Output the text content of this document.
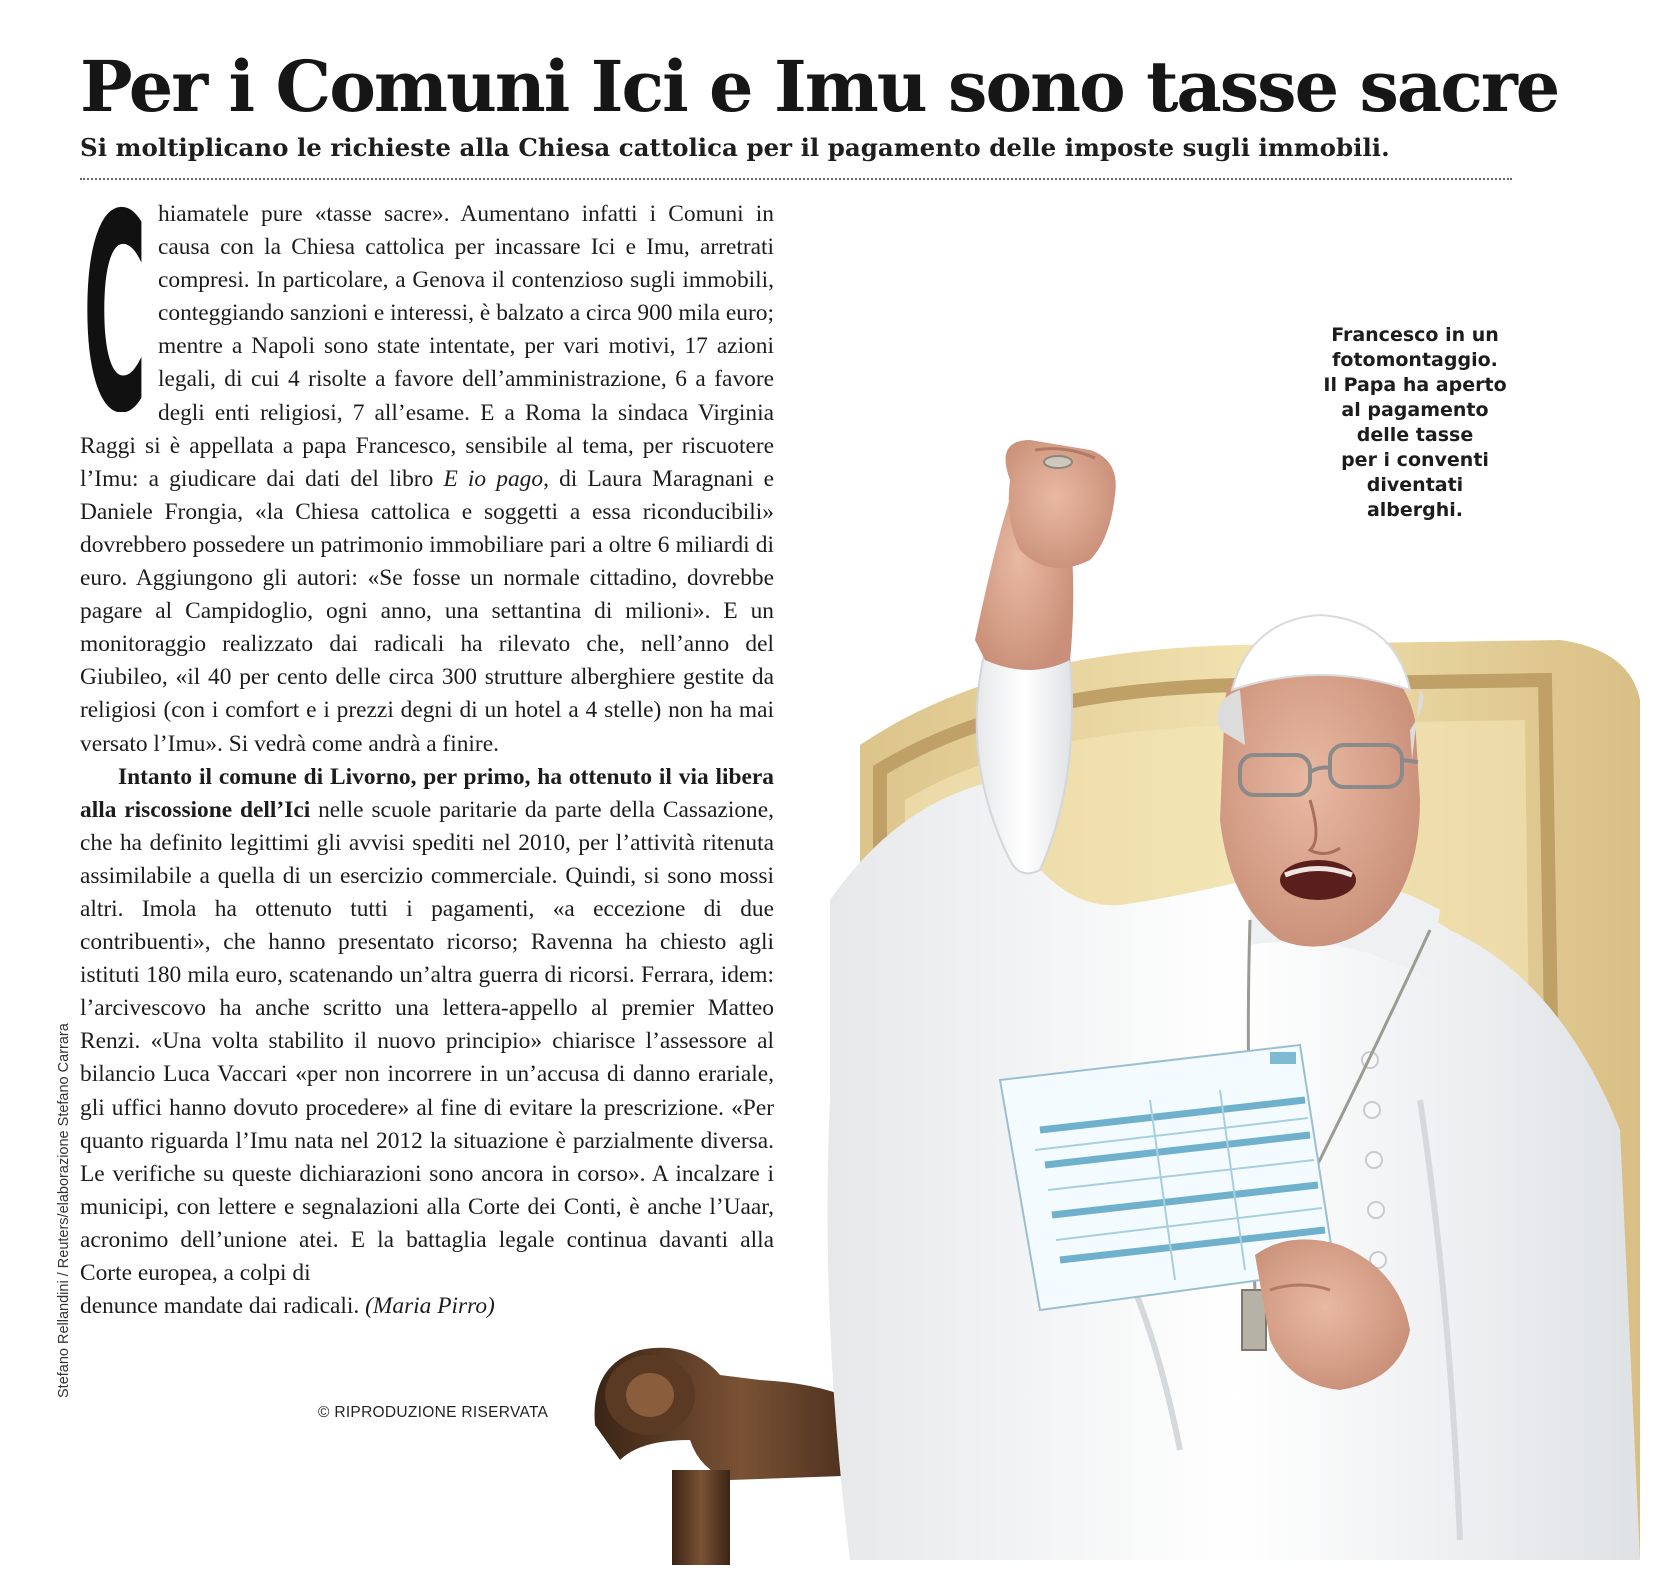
Per i Comuni Ici e Imu sono tasse sacre
Si moltiplicano le richieste alla Chiesa cattolica per il pagamento delle imposte sugli immobili.

C hiamatele pure «tasse sacre». Aumentano infatti i Comuni in causa con la Chiesa cattolica per incassare Ici e Imu, arretrati compresi. In particolare, a Genova il contenzioso sugli immobili, conteggiando sanzioni e interessi, è balzato a circa 900 mila euro; mentre a Napoli sono state intentate, per vari motivi, 17 azioni legali, di cui 4 risolte a favore dell’amministrazione, 6 a favore degli enti religiosi, 7 all’esame. E a Roma la sindaca Virginia Raggi si è appellata a papa Francesco, sensibile al tema, per riscuotere l’Imu: a giudicare dai dati del libro E io pago, di Laura Maragnani e Daniele Frongia, «la Chiesa cattolica e soggetti a essa riconducibili» dovrebbero possedere un patrimonio immobiliare pari a oltre 6 miliardi di euro. Aggiungono gli autori: «Se fosse un normale cittadino, dovrebbe pagare al Campidoglio, ogni anno, una settantina di milioni». E un monitoraggio realizzato dai radicali ha rilevato che, nell’anno del Giubileo, «il 40 per cento delle circa 300 strutture alberghiere gestite da religiosi (con i comfort e i prezzi degni di un hotel a 4 stelle) non ha mai versato l’Imu». Si vedrà come andrà a finire.

Intanto il comune di Livorno, per primo, ha ottenuto il via libera alla riscossione dell’Ici nelle scuole paritarie da parte della Cassazione, che ha definito legittimi gli avvisi spediti nel 2010, per l’attività ritenuta assimilabile a quella di un esercizio commerciale. Quindi, si sono mossi altri. Imola ha ottenuto tutti i pagamenti, «a eccezione di due contribuenti», che hanno presentato ricorso; Ravenna ha chiesto agli istituti 180 mila euro, scatenando un’altra guerra di ricorsi. Ferrara, idem: l’arcivescovo ha anche scritto una lettera-appello al premier Matteo Renzi. «Una volta stabilito il nuovo principio» chiarisce l’assessore al bilancio Luca Vaccari «per non incorrere in un’accusa di danno erariale, gli uffici hanno dovuto procedere» al fine di evitare la prescrizione. «Per quanto riguarda l’Imu nata nel 2012 la situazione è parzialmente diversa. Le verifiche su queste dichiarazioni sono ancora in corso». A incalzare i municipi, con lettere e segnalazioni alla Corte dei Conti, è anche l’Uaar, acronimo dell’unione atei. E la battaglia legale continua davanti alla Corte europea, a colpi di

denunce mandate dai radicali. (Maria Pirro)

© RIPRODUZIONE RISERVATA
Stefano Rellandini / Reuters/elaborazione Stefano Carrara
Francesco in un
fotomontaggio.
Il Papa ha aperto
al pagamento
delle tasse
per i conventi
diventati
alberghi.
